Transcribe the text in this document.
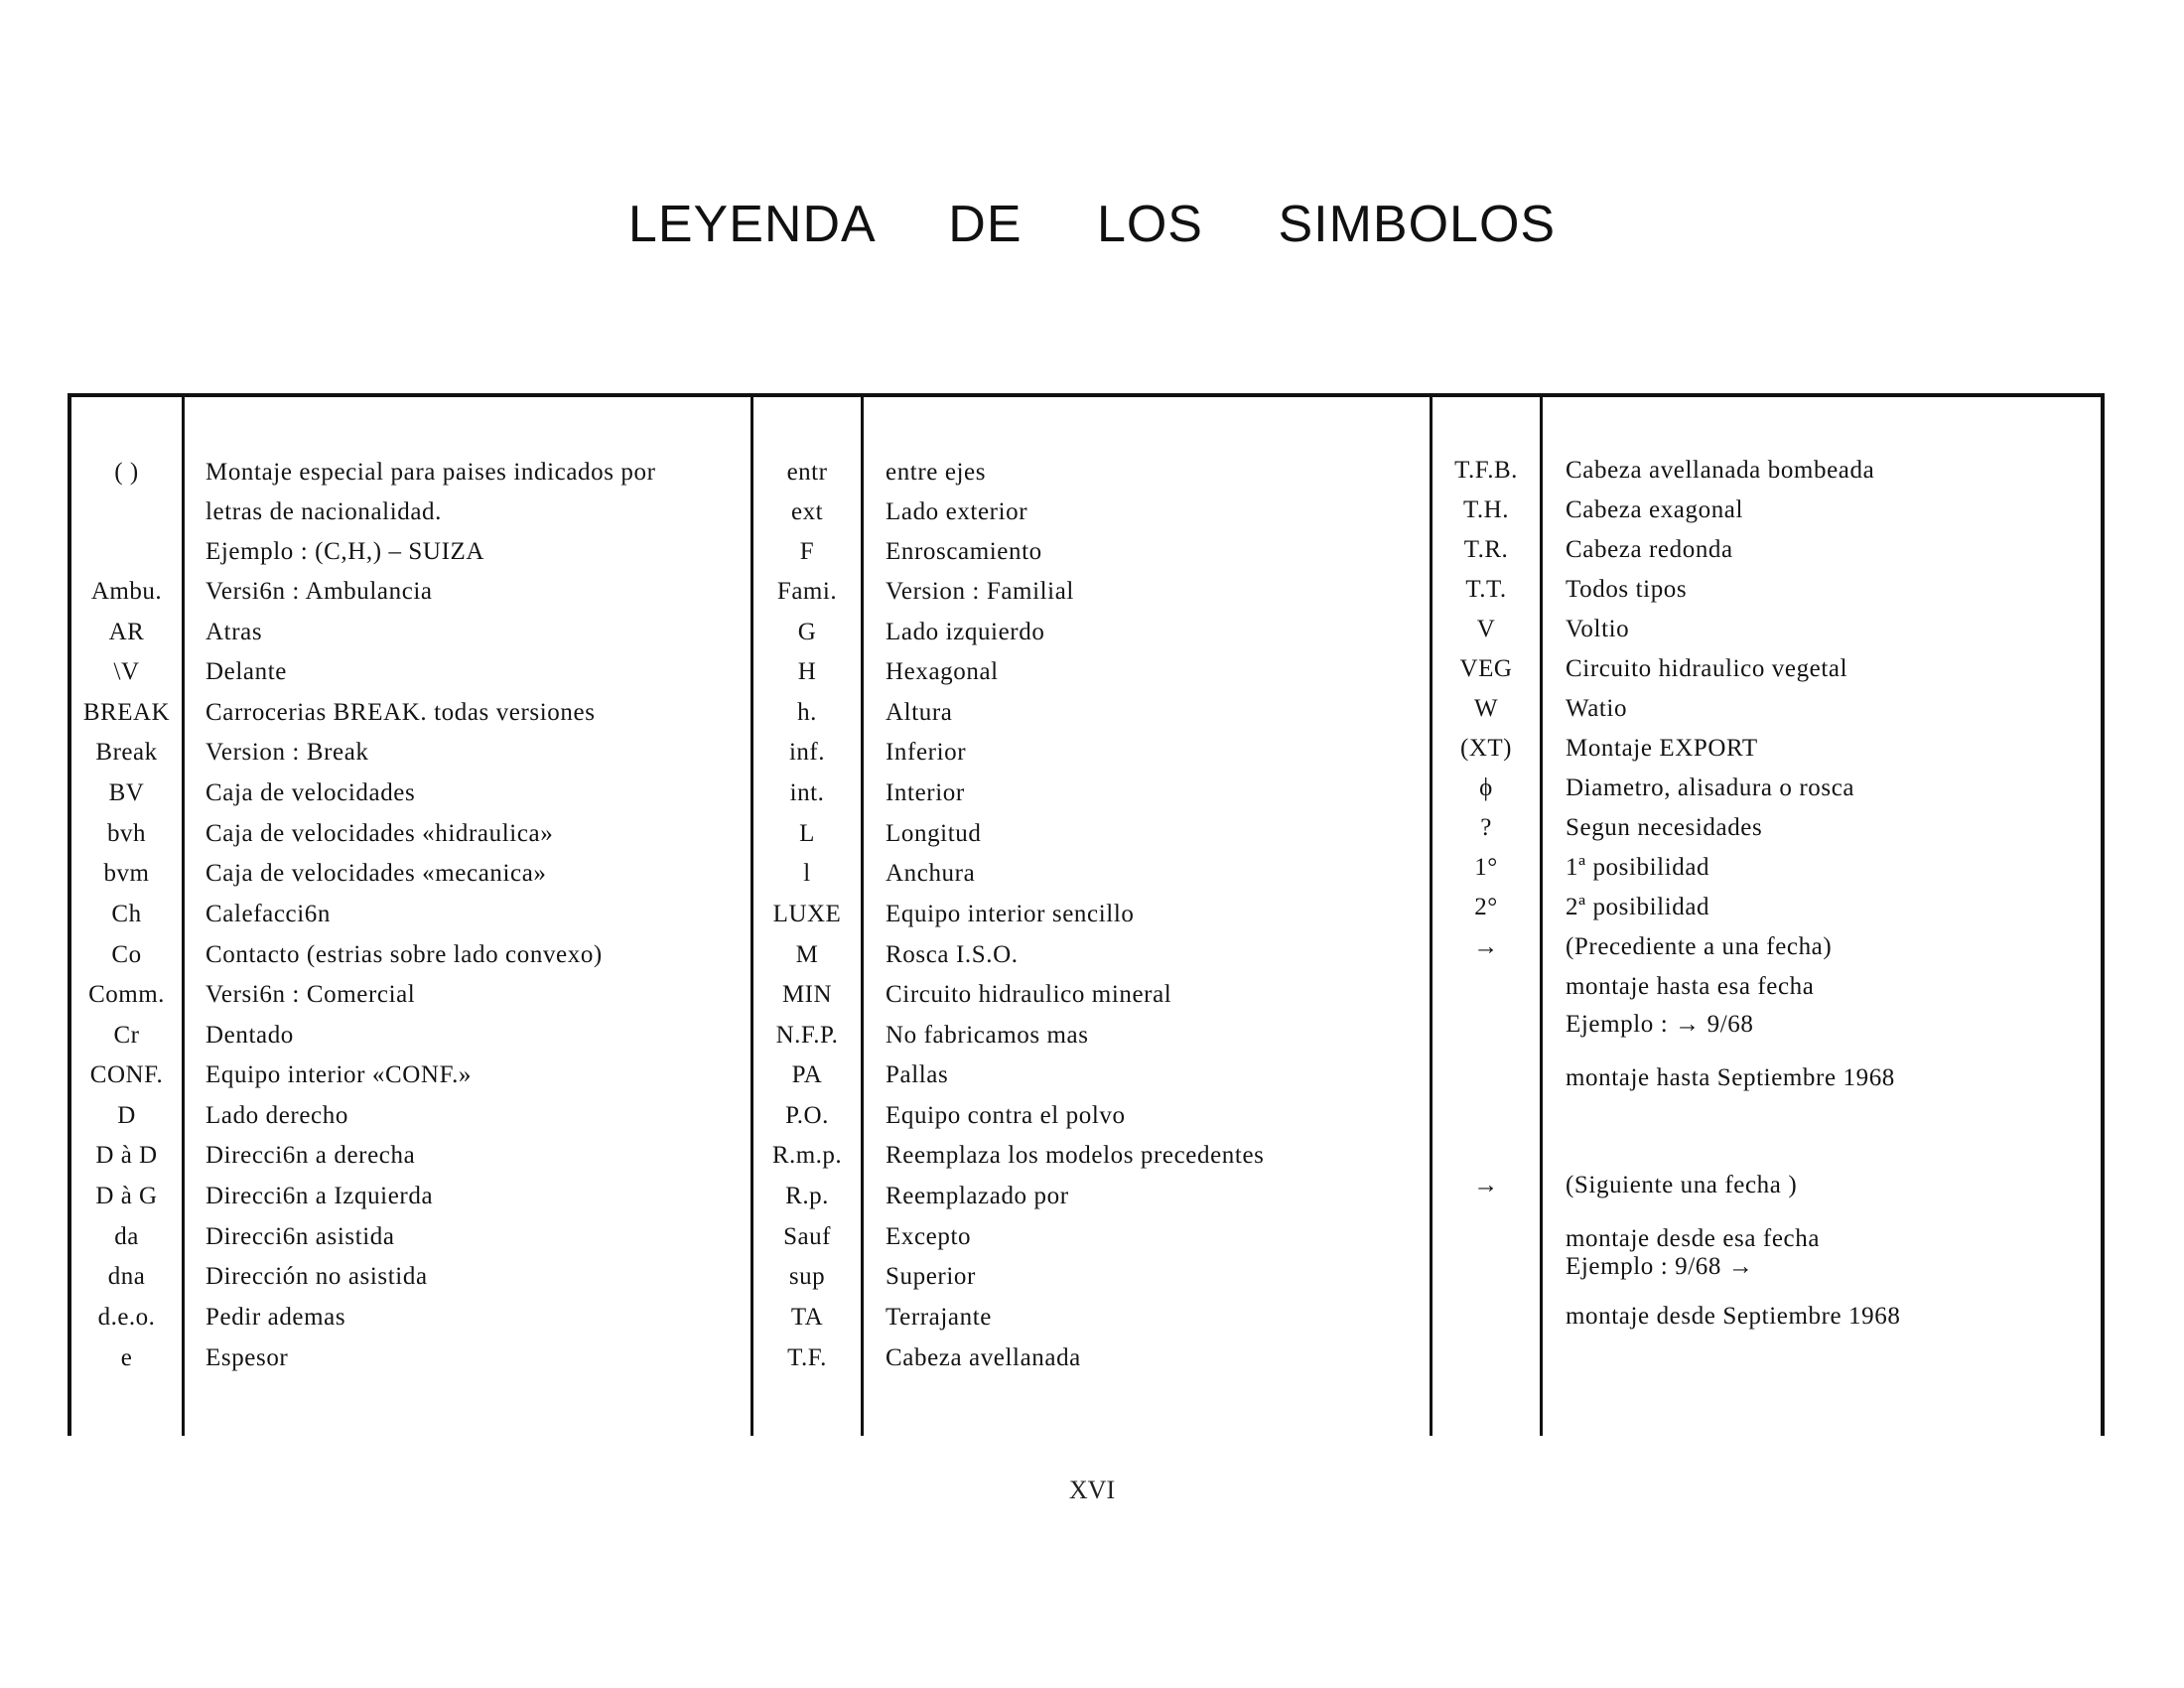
LEYENDA DE LOS SIMBOLOS
( )	Montaje especial para paises indicados por
letras de nacionalidad.
Ejemplo : (C,H,) – SUIZA
Ambu.	Versi6n : Ambulancia
AR	Atras
\V	Delante
BREAK	Carrocerias BREAK. todas versiones
Break	Version : Break
BV	Caja de velocidades
bvh	Caja de velocidades «hidraulica»
bvm	Caja de velocidades «mecanica»
Ch	Calefacci6n
Co	Contacto (estrias sobre lado convexo)
Comm.	Versi6n : Comercial
Cr	Dentado
CONF.	Equipo interior «CONF.»
D	Lado derecho
D à D	Direcci6n a derecha
D à G	Direcci6n a Izquierda
da	Direcci6n asistida
dna	Dirección no asistida
d.e.o.	Pedir ademas
e	Espesor
entr	entre ejes
ext	Lado exterior
F	Enroscamiento
Fami.	Version : Familial
G	Lado izquierdo
H	Hexagonal
h.	Altura
inf.	Inferior
int.	Interior
L	Longitud
l	Anchura
LUXE	Equipo interior sencillo
M	Rosca I.S.O.
MIN	Circuito hidraulico mineral
N.F.P.	No fabricamos mas
PA	Pallas
P.O.	Equipo contra el polvo
R.m.p.	Reemplaza los modelos precedentes
R.p.	Reemplazado por
Sauf	Excepto
sup	Superior
TA	Terrajante
T.F.	Cabeza avellanada
T.F.B.	Cabeza avellanada bombeada
T.H.	Cabeza exagonal
T.R.	Cabeza redonda
T.T.	Todos tipos
V	Voltio
VEG	Circuito hidraulico vegetal
W	Watio
(XT)	Montaje EXPORT
ϕ	Diametro, alisadura o rosca
?	Segun necesidades
1°	1ª posibilidad
2°	2ª posibilidad
→	(Precediente a una fecha)
montaje hasta esa fecha
Ejemplo : → 9/68
montaje hasta Septiembre 1968
→	(Siguiente una fecha )
montaje desde esa fecha
Ejemplo : 9/68 →
montaje desde Septiembre 1968
XVI
